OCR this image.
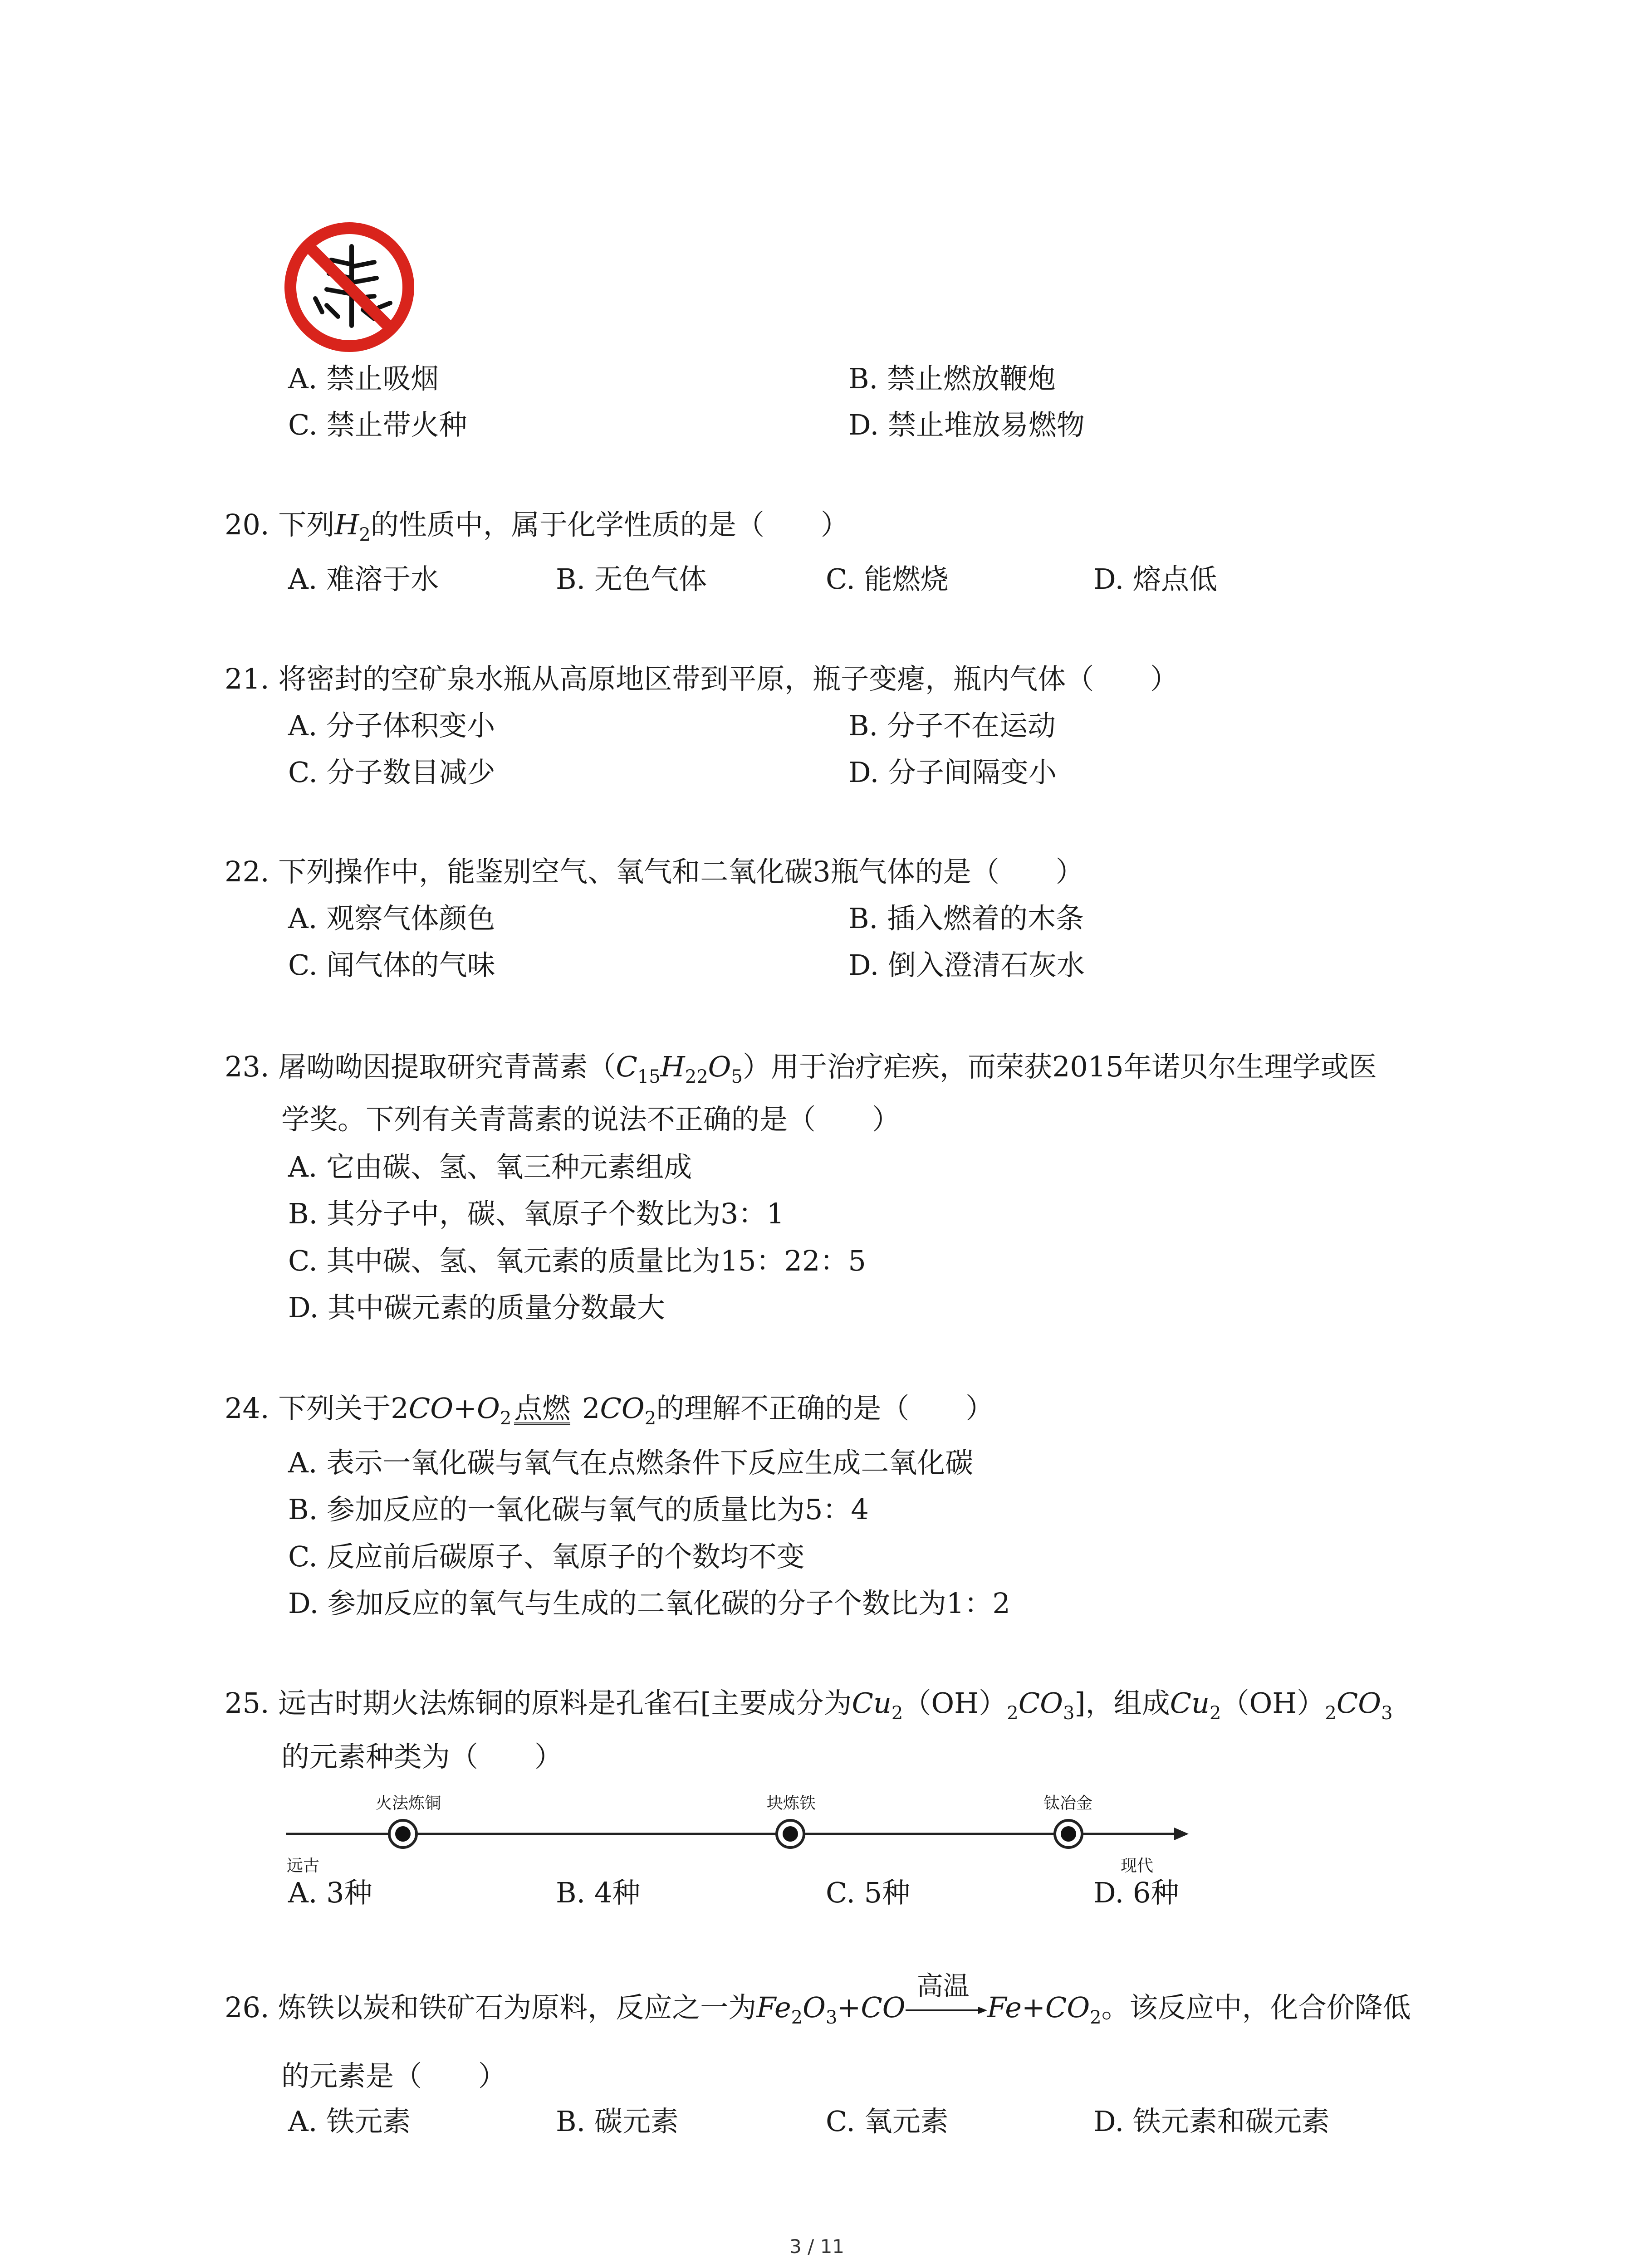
A. 禁止吸烟	B. 禁止燃放鞭炮
C. 禁止带火种	D. 禁止堆放易燃物
20. 下列$H_2$的性质中，属于化学性质的是（　　）
A. 难溶于水	B. 无色气体	C. 能燃烧	D. 熔点低
21. 将密封的空矿泉水瓶从高原地区带到平原，瓶子变瘪，瓶内气体（　　）
A. 分子体积变小	B. 分子不在运动
C. 分子数目减少	D. 分子间隔变小
22. 下列操作中，能鉴别空气、氧气和二氧化碳3瓶气体的是（　　）
A. 观察气体颜色	B. 插入燃着的木条
C. 闻气体的气味	D. 倒入澄清石灰水
23. 屠呦呦因提取研究青蒿素$(C_{15}H_{22}O_5)$用于治疗疟疾，而荣获2015年诺贝尔生理学或医
学奖。下列有关青蒿素的说法不正确的是（　　）
A. 它由碳、氢、氧三种元素组成
B. 其分子中，碳、氧原子个数比为3：1
C. 其中碳、氢、氧元素的质量比为15：22：5
D. 其中碳元素的质量分数最大
24. 下列关于$2CO+O_2$点燃 $2CO_2$的理解不正确的是（　　）
A. 表示一氧化碳与氧气在点燃条件下反应生成二氧化碳
B. 参加反应的一氧化碳与氧气的质量比为5：4
C. 反应前后碳原子、氧原子的个数均不变
D. 参加反应的氧气与生成的二氧化碳的分子个数比为1：2
25. 远古时期火法炼铜的原料是孔雀石[主要成分为$Cu_2(OH)_2CO_3$]，组成$Cu_2(OH)_2CO_3$
的元素种类为（　　）
火法炼铜	块炼铁	钛冶金
远古	现代
A. 3种	B. 4种	C. 5种	D. 6种
26. 炼铁以炭和铁矿石为原料，反应之一为$Fe_2O_3+CO$
高温
$Fe+CO_2$。该反应中，化合价降低
的元素是（　　）
A. 铁元素	B. 碳元素	C. 氧元素	D. 铁元素和碳元素
3 / 11
